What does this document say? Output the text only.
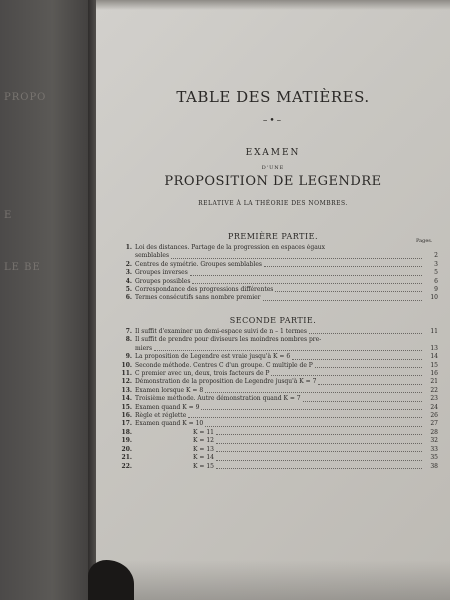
PROPO
E
LE BE
TABLE DES MATIÈRES.
–•–
EXAMEN
D'UNE
PROPOSITION DE LEGENDRE
RELATIVE À LA THÉORIE DES NOMBRES.
PREMIÈRE PARTIE.	Pages.
1. Loi des distances. Partage de la progression en espaces égaux
semblables	2
2. Centres de symétrie. Groupes semblables	3
3. Groupes inverses	5
4. Groupes possibles	6
5. Correspondance des progressions différentes	9
6. Termes consécutifs sans nombre premier	10
SECONDE PARTIE.
7. Il suffit d'examiner un demi-espace suivi de n – 1 termes	11
8. Il suffit de prendre pour diviseurs les moindres nombres pre-
miers	13
9. La proposition de Legendre est vraie jusqu'à K = 6	14
10. Seconde méthode. Centres C d'un groupe. C multiple de P	15
11. C premier avec un, deux, trois facteurs de P	16
12. Démonstration de la proposition de Legendre jusqu'à K = 7	21
13. Examen lorsque K = 8	22
14. Troisième méthode. Autre démonstration quand K = 7	23
15. Examen quand K = 9	24
16. Règle et réglette	26
17. Examen quand K = 10	27
18.	K = 11	28
19.	K = 12	32
20.	K = 13	33
21.	K = 14	35
22.	K = 15	38
